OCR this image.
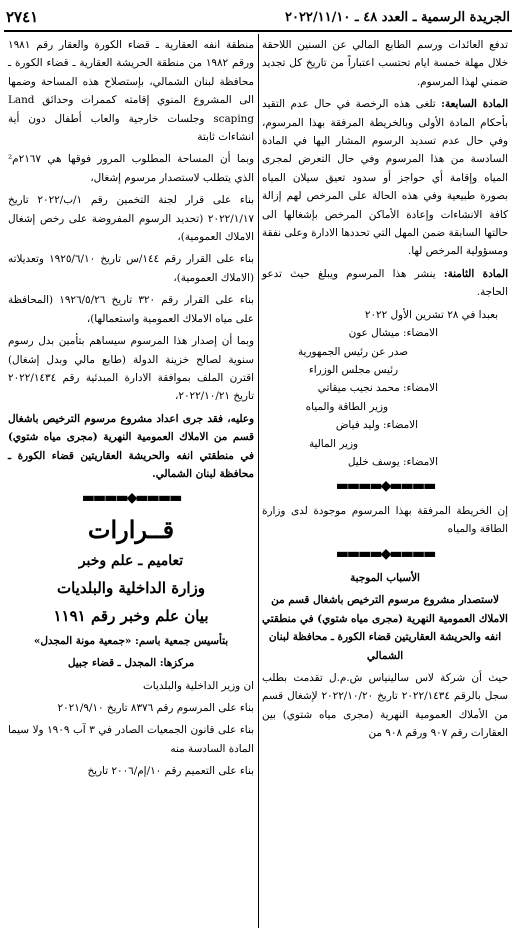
الجريدة الرسمية ـ العدد ٤٨ ـ ٢٠٢٢/١١/١٠
٢٧٤١

تدفع العائدات ورسم الطابع المالي عن السنين اللاحقة خلال مهلة خمسة ايام تحتسب اعتباراً من تاريخ كل تجديد ضمني لهذا المرسوم.

المادة السابعة: تلغى هذه الرخصة في حال عدم التقيد بأحكام المادة الأولى وبالخريطة المرفقة بهذا المرسوم، وفي حال عدم تسديد الرسوم المشار اليها في المادة السادسة من هذا المرسوم وفي حال التعرض لمجرى المياه وإقامة أي حواجز أو سدود تعيق سيلان المياه بصورة طبيعية وفي هذه الحالة على المرخص لهم إزالة كافة الانشاءات وإعادة الأماكن المرخص بإشغالها الى حالتها السابقة ضمن المهل التي تحددها الادارة وعلى نفقة ومسؤولية المرخص لها.

المادة الثامنة: ينشر هذا المرسوم ويبلغ حيث تدعو الحاجة.

بعبدا في ٢٨ تشرين الأول ٢٠٢٢

الامضاء: ميشال عون

صدر عن رئيس الجمهورية

رئيس مجلس الوزراء

الامضاء: محمد نجيب ميقاتي

وزير الطاقة والمياه

الامضاء: وليد فياض

وزير المالية

الامضاء: يوسف خليل

▬▬▬▬◆▬▬▬▬

إن الخريطة المرفقة بهذا المرسوم موجودة لدى وزارة الطاقة والمياه

▬▬▬▬◆▬▬▬▬

الأسباب الموجبة

لاستصدار مشروع مرسوم الترخيص باشغال قسم من الاملاك العمومية النهرية (مجرى مياه شتوي) في منطقتي انفه والحريشة العقاريتين قضاء الكورة ـ محافظة لبنان الشمالي

حيث أن شركة لاس سالينياس ش.م.ل تقدمت بطلب سجل بالرقم ٢٠٢٢/١٤٣٤ تاريخ ٢٠٢٢/١٠/٢٠ لإشغال قسم من الأملاك العمومية النهرية (مجرى مياه شتوي) بين العقارات رقم ٩٠٧ ورقم ٩٠٨ من

منطقة انفه العقارية ـ قضاء الكورة والعقار رقم ١٩٨١ ورقم ١٩٨٢ من منطقة الحريشة العقارية ـ قضاء الكورة ـ محافظة لبنان الشمالي، بإستصلاح هذه المساحة وضمها الى المشروع المنوي إقامته كممرات وحدائق Land scaping وجلسات خارجية والعاب أطفال دون أية انشاءات ثابتة

وبما أن المساحة المطلوب المرور فوقها هي ٢١٦٧م² الذي يتطلب لاستصدار مرسوم إشغال،

بناء على قرار لجنة التخمين رقم ١/ب/٢٠٢٢ تاريخ ٢٠٢٢/١/١٧ (تحديد الرسوم المفروضة على رخص إشغال الاملاك العمومية)،

بناء على القرار رقم ١٤٤/س تاريخ ١٩٢٥/٦/١٠ وتعديلاته (الاملاك العمومية)،

بناء على القرار رقم ٣٢٠ تاريخ ١٩٢٦/٥/٢٦ (المحافظة على مياه الاملاك العمومية واستعمالها)،

وبما أن إصدار هذا المرسوم سيساهم بتأمين بدل رسوم سنوية لصالح خزينة الدولة (طابع مالي وبدل إشغال) اقترن الملف بموافقة الادارة المبدئية رقم ٢٠٢٢/١٤٣٤ تاريخ ٢٠٢٢/١٠/٢١،

وعليه، فقد جرى اعداد مشروع مرسوم الترخيص باشغال قسم من الاملاك العمومية النهرية (مجرى مياه شتوي) في منطقتي انفه والحريشة العقاريتين قضاء الكورة ـ محافظة لبنان الشمالي.

▬▬▬▬◆▬▬▬▬

قــرارات

تعاميم ـ علم وخبر

وزارة الداخلية والبلديات

بيان علم وخبر رقم ١١٩١

بتأسيس جمعية باسم: «جمعية مونة المجدل»

مركزها: المجدل ـ قضاء جبيل

ان وزير الداخلية والبلديات

بناء على المرسوم رقم ٨٣٧٦ تاريخ ٢٠٢١/٩/١٠

بناء على قانون الجمعيات الصادر في ٣ آب ١٩٠٩ ولا سيما المادة السادسة منه

بناء على التعميم رقم ١٠/إم/٢٠٠٦ تاريخ
